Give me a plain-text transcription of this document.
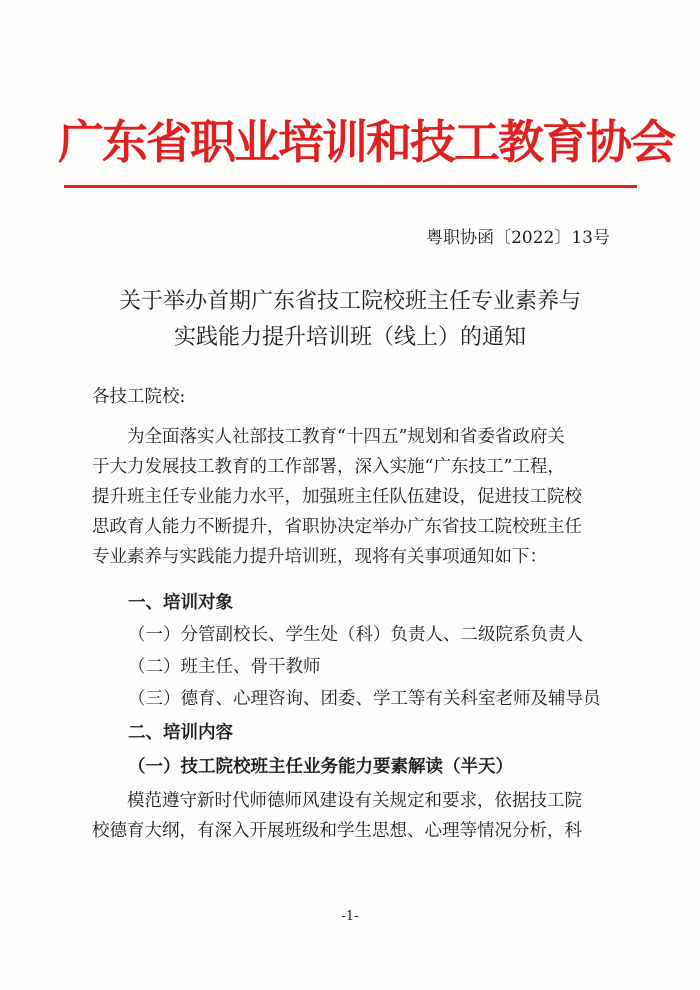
广东省职业培训和技工教育协会
粤职协函〔2022〕13号
关于举办首期广东省技工院校班主任专业素养与
实践能力提升培训班（线上）的通知
各技工院校:
为全面落实人社部技工教育“十四五”规划和省委省政府关
于大力发展技工教育的工作部署，深入实施“广东技工”工程，
提升班主任专业能力水平，加强班主任队伍建设，促进技工院校
思政育人能力不断提升，省职协决定举办广东省技工院校班主任
专业素养与实践能力提升培训班，现将有关事项通知如下：
一、培训对象
（一）分管副校长、学生处（科）负责人、二级院系负责人
（二）班主任、骨干教师
（三）德育、心理咨询、团委、学工等有关科室老师及辅导员
二、培训内容
（一）技工院校班主任业务能力要素解读（半天）
模范遵守新时代师德师风建设有关规定和要求，依据技工院
校德育大纲，有深入开展班级和学生思想、心理等情况分析，科
-1-
